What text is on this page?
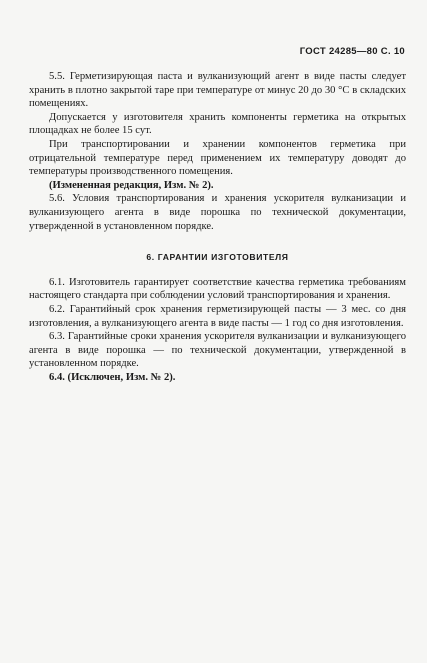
ГОСТ 24285—80 С. 10

5.5. Герметизирующая паста и вулканизующий агент в виде пасты следует хранить в плотно закрытой таре при температуре от минус 20 до 30 °С в складских помещениях.

Допускается у изготовителя хранить компоненты герметика на открытых площадках не более 15 сут.

При транспортировании и хранении компонентов герметика при отрицательной температуре перед применением их температуру доводят до температуры производственного помещения.

(Измененная редакция, Изм. № 2).

5.6. Условия транспортирования и хранения ускорителя вулканизации и вулканизующего агента в виде порошка по технической документации, утвержденной в установленном порядке.

6. ГАРАНТИИ ИЗГОТОВИТЕЛЯ

6.1. Изготовитель гарантирует соответствие качества герметика требованиям настоящего стандарта при соблюдении условий транспортирования и хранения.

6.2. Гарантийный срок хранения герметизирующей пасты — 3 мес. со дня изготовления, а вулканизующего агента в виде пасты — 1 год со дня изготовления.

6.3. Гарантийные сроки хранения ускорителя вулканизации и вулканизующего агента в виде порошка — по технической документации, утвержденной в установленном порядке.

6.4. (Исключен, Изм. № 2).
